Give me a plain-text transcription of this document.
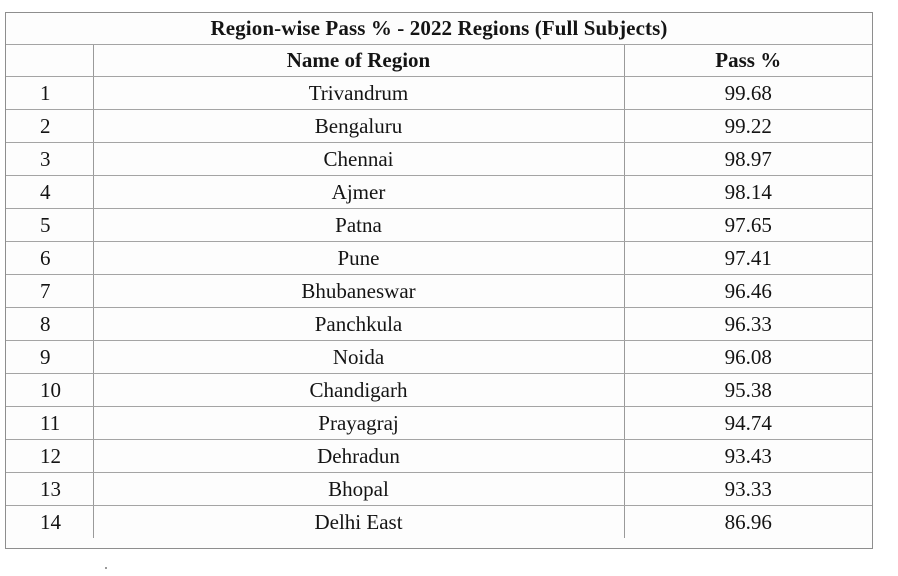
Region-wise Pass % - 2022 Regions (Full Subjects)		
	Name of Region	Pass %
1	Trivandrum	99.68
2	Bengaluru	99.22
3	Chennai	98.97
4	Ajmer	98.14
5	Patna	97.65
6	Pune	97.41
7	Bhubaneswar	96.46
8	Panchkula	96.33
9	Noida	96.08
10	Chandigarh	95.38
11	Prayagraj	94.74
12	Dehradun	93.43
13	Bhopal	93.33
14	Delhi East	86.96
